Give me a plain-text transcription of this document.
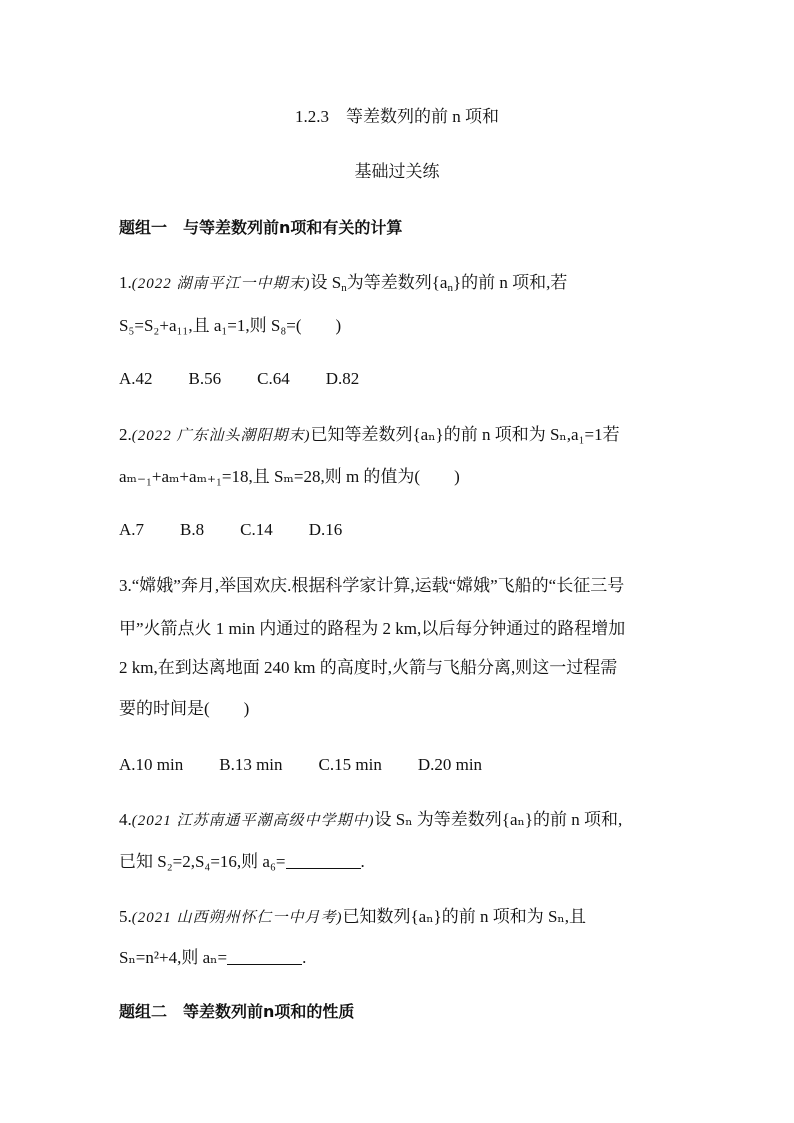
1.2.3　等差数列的前 n 项和
基础过关练
题组一　与等差数列前n项和有关的计算
1.(2022 湖南平江一中期末)设 $S_n$为等差数列$\{a_n\}$的前 n 项和,若
S₅=S₂+a₁₁,且 a₁=1,则 S₈=(　　)
A.42 B.56 C.64 D.82
2.(2022 广东汕头潮阳期末)已知等差数列{aₙ}的前 n 项和为 Sₙ,a₁=1若
aₘ₋₁+aₘ+aₘ₊₁=18,且 Sₘ=28,则 m 的值为(　　)
A.7 B.8 C.14 D.16
3.“嫦娥”奔月,举国欢庆.根据科学家计算,运载“嫦娥”飞船的“长征三号
甲”火箭点火 1 min 内通过的路程为 2 km,以后每分钟通过的路程增加
2 km,在到达离地面 240 km 的高度时,火箭与飞船分离,则这一过程需
要的时间是(　　)
A.10 min B.13 min C.15 min D.20 min
4.(2021 江苏南通平潮高级中学期中)设 Sₙ 为等差数列{aₙ}的前 n 项和,
已知 S₂=2,S₄=16,则 a₆=	.
5.(2021 山西朔州怀仁一中月考)已知数列{aₙ}的前 n 项和为 Sₙ,且
Sₙ=n²+4,则 aₙ=	.
题组二　等差数列前n项和的性质
